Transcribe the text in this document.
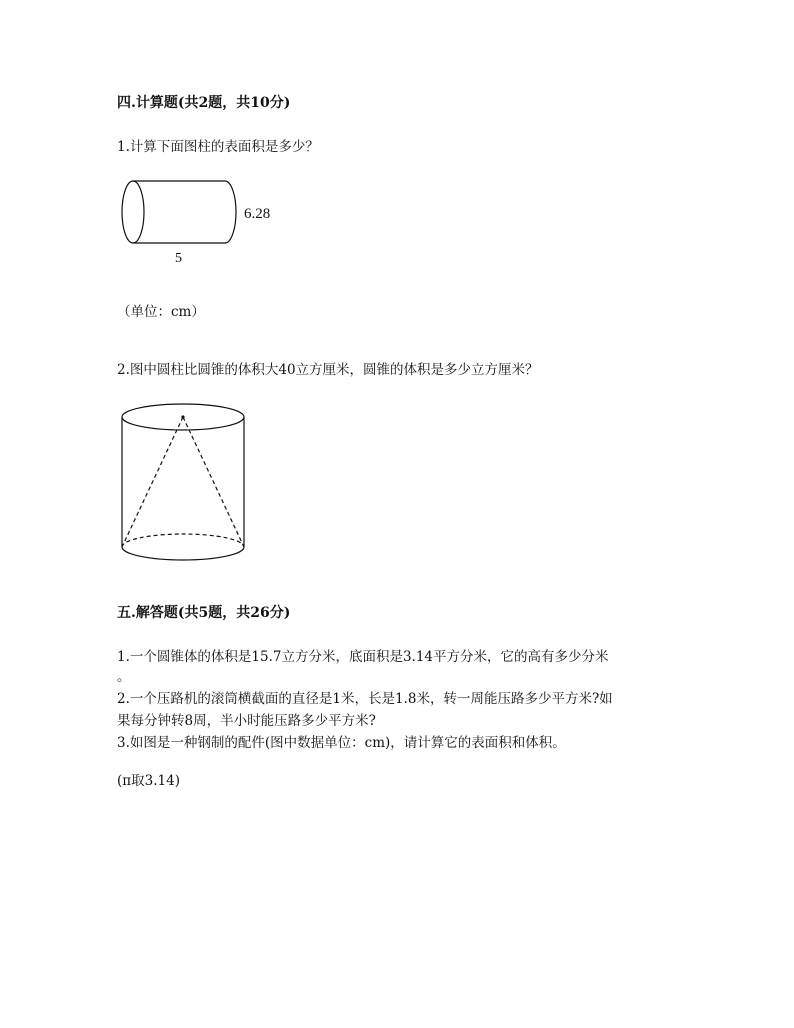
四.计算题(共2题，共10分)
1.计算下面图柱的表面积是多少？
6.28
5
（单位：cm）
2.图中圆柱比圆锥的体积大40立方厘米，圆锥的体积是多少立方厘米？
五.解答题(共5题，共26分)
1.一个圆锥体的体积是15.7立方分米，底面积是3.14平方分米，它的高有多少分米
。
2.一个压路机的滚筒横截面的直径是1米，长是1.8米，转一周能压路多少平方米?如
果每分钟转8周，半小时能压路多少平方米?
3.如图是一种钢制的配件(图中数据单位：cm)，请计算它的表面积和体积。
(π取3.14)
